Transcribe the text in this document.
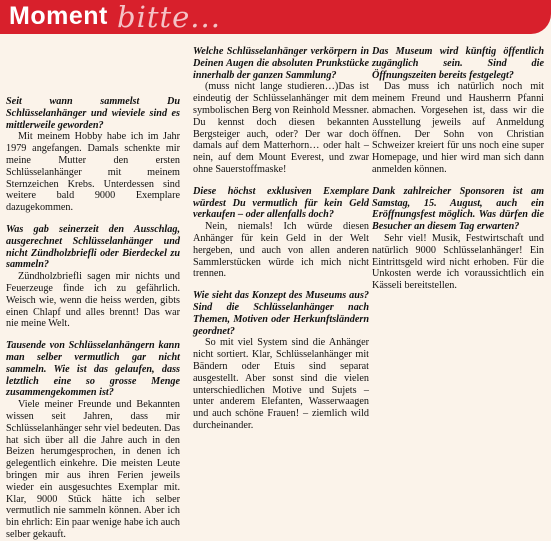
Moment bitte...

Seit wann sammelst Du Schlüsselanhänger und wieviele sind es mittlerweile geworden?

Mit meinem Hobby habe ich im Jahr 1979 angefangen. Damals schenkte mir meine Mutter den ersten Schlüsselanhänger mit meinem Sternzeichen Krebs. Unterdessen sind weitere bald 9000 Exemplare dazugekommen.

Was gab seinerzeit den Ausschlag, ausgerechnet Schlüsselanhänger und nicht Zündholzbriefli oder Bierdeckel zu sammeln?

Zündholzbriefli sagen mir nichts und Feuerzeuge finde ich zu gefährlich. Weisch wie, wenn die heiss werden, gibts einen Chlapf und alles brennt! Das war nie meine Welt.

Tausende von Schlüsselanhängern kann man selber vermutlich gar nicht sammeln. Wie ist das gelaufen, dass letztlich eine so grosse Menge zusammengekommen ist?

Viele meiner Freunde und Bekannten wissen seit Jahren, dass mir Schlüsselanhänger sehr viel bedeuten. Das hat sich über all die Jahre auch in den Beizen herumgesprochen, in denen ich gelegentlich einkehre. Die meisten Leute bringen mir aus ihren Ferien jeweils wieder ein ausgesuchtes Exemplar mit. Klar, 9000 Stück hätte ich selber vermutlich nie sammeln können. Aber ich bin ehrlich: Ein paar wenige habe ich auch selber gekauft.

Welche Schlüsselanhänger verkörpern in Deinen Augen die absoluten Prunkstücke innerhalb der ganzen Sammlung?

(muss nicht lange studieren…)Das ist eindeutig der Schlüsselanhänger mit dem symbolischen Berg von Reinhold Messner. Du kennst doch diesen bekannten Bergsteiger auch, oder? Der war doch damals auf dem Matterhorn… oder halt – nein, auf dem Mount Everest, und zwar ohne Sauerstoffmaske!

Diese höchst exklusiven Exemplare würdest Du vermutlich für kein Geld verkaufen – oder allenfalls doch?

Nein, niemals! Ich würde diesen Anhänger für kein Geld in der Welt hergeben, und auch von allen anderen Sammlerstücken würde ich mich nicht trennen.

Wie sieht das Konzept des Museums aus? Sind die Schlüsselanhänger nach Themen, Motiven oder Herkunftsländern geordnet?

So mit viel System sind die Anhänger nicht sortiert. Klar, Schlüsselanhänger mit Bändern oder Etuis sind separat ausgestellt. Aber sonst sind die vielen unterschiedlichen Motive und Sujets – unter anderem Elefanten, Wasserwaagen und auch schöne Frauen! – ziemlich wild durcheinander.

Das Museum wird künftig öffentlich zugänglich sein. Sind die Öffnungszeiten bereits festgelegt?

Das muss ich natürlich noch mit meinem Freund und Hausherrn Pfanni abmachen. Vorgesehen ist, dass wir die Ausstellung jeweils auf Anmeldung öffnen. Der Sohn von Christian Schweizer kreiert für uns noch eine super Homepage, und hier wird man sich dann anmelden können.

Dank zahlreicher Sponsoren ist am Samstag, 15. August, auch ein Eröffnungsfest möglich. Was dürfen die Besucher an diesem Tag erwarten?

Sehr viel! Musik, Festwirtschaft und natürlich 9000 Schlüsselanhänger! Ein Eintrittsgeld wird nicht erhoben. Für die Unkosten werde ich voraussichtlich ein Kässeli bereitstellen.
